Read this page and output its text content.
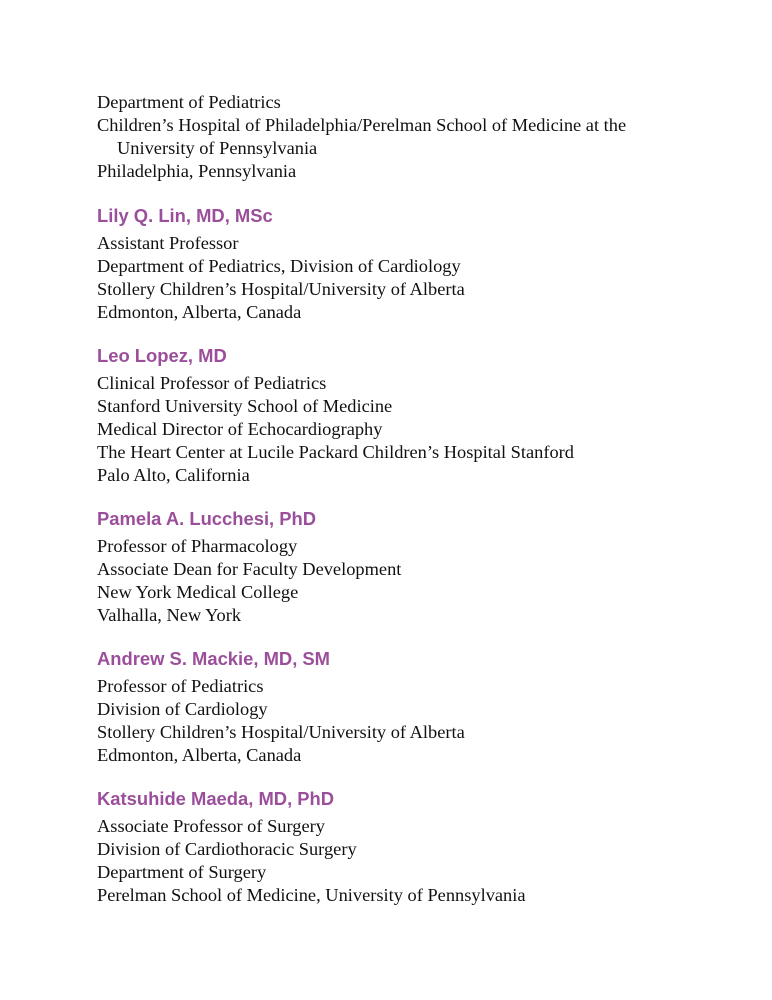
Department of Pediatrics
Children’s Hospital of Philadelphia/Perelman School of Medicine at the
University of Pennsylvania
Philadelphia, Pennsylvania
Lily Q. Lin, MD, MSc
Assistant Professor
Department of Pediatrics, Division of Cardiology
Stollery Children’s Hospital/University of Alberta
Edmonton, Alberta, Canada
Leo Lopez, MD
Clinical Professor of Pediatrics
Stanford University School of Medicine
Medical Director of Echocardiography
The Heart Center at Lucile Packard Children’s Hospital Stanford
Palo Alto, California
Pamela A. Lucchesi, PhD
Professor of Pharmacology
Associate Dean for Faculty Development
New York Medical College
Valhalla, New York
Andrew S. Mackie, MD, SM
Professor of Pediatrics
Division of Cardiology
Stollery Children’s Hospital/University of Alberta
Edmonton, Alberta, Canada
Katsuhide Maeda, MD, PhD
Associate Professor of Surgery
Division of Cardiothoracic Surgery
Department of Surgery
Perelman School of Medicine, University of Pennsylvania
